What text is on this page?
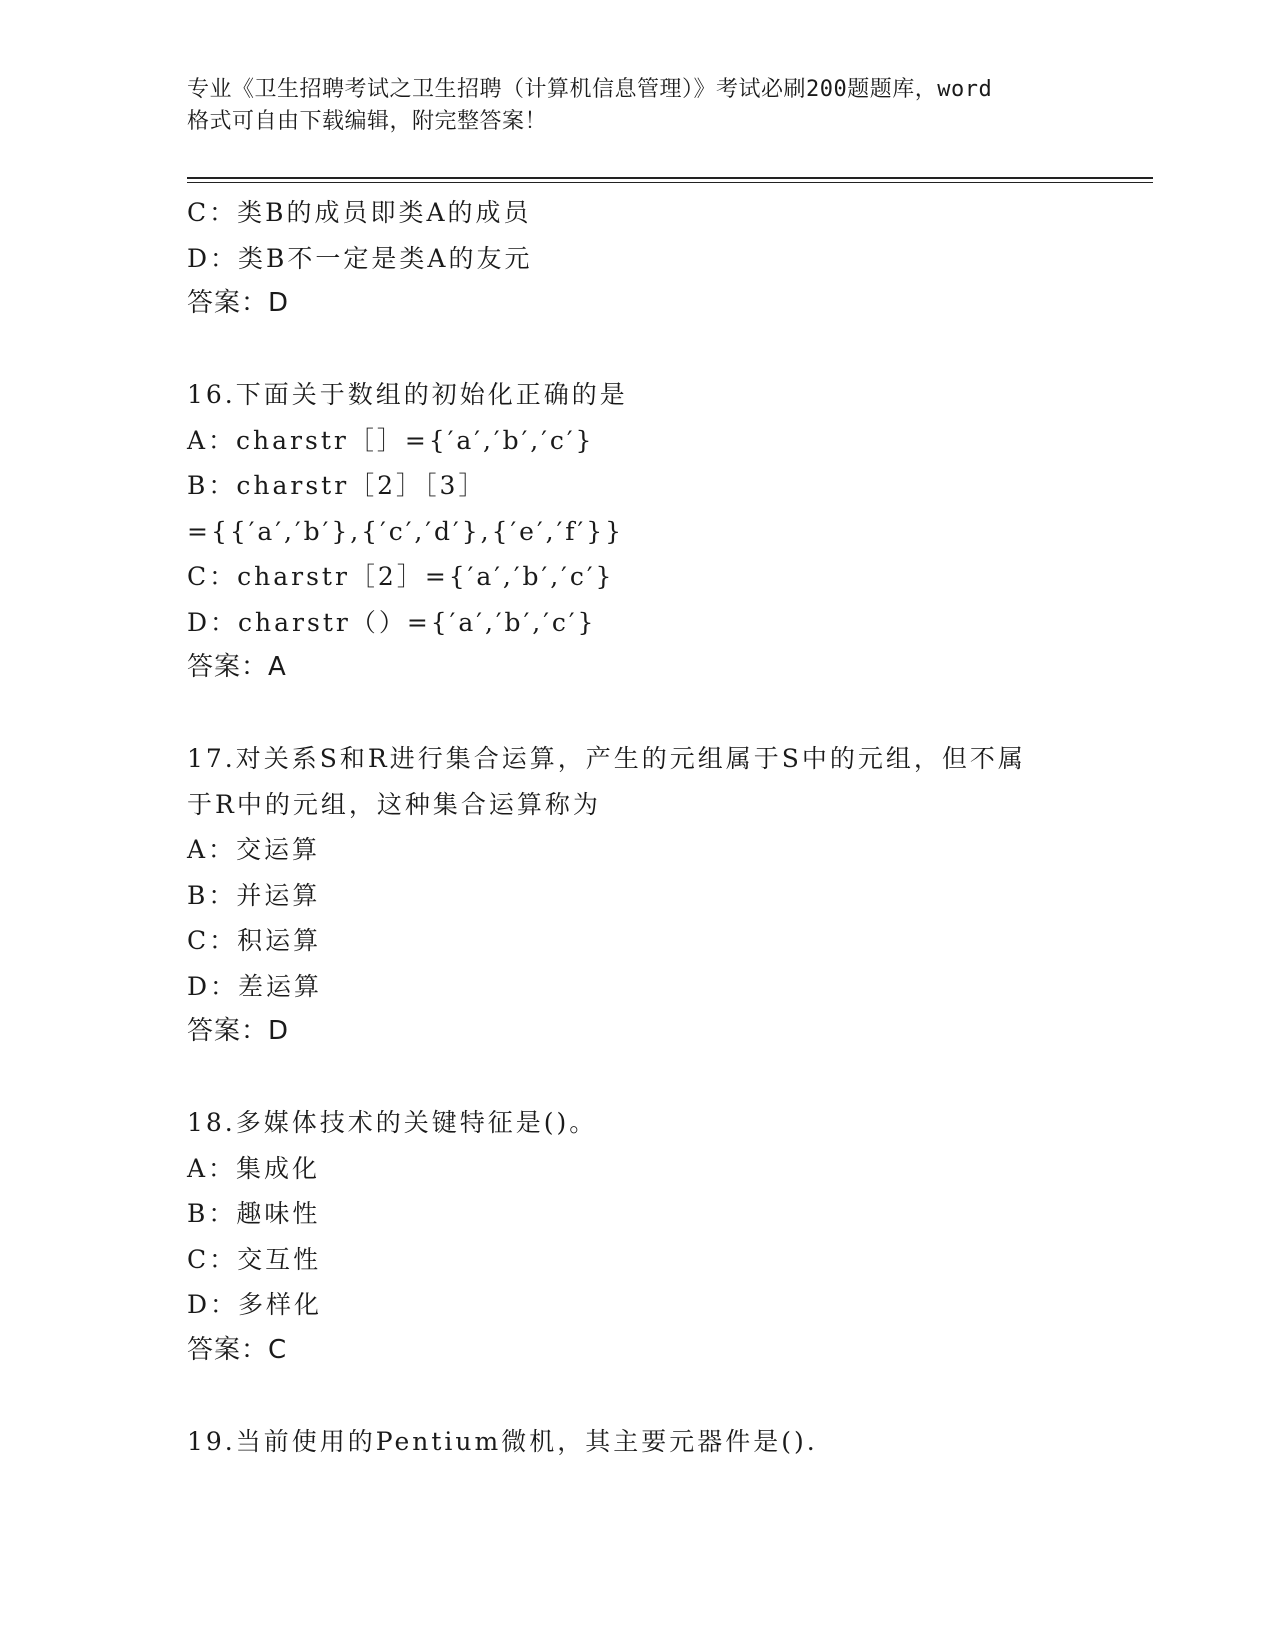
专业《卫生招聘考试之卫生招聘（计算机信息管理）》考试必刷200题题库，word
格式可自由下载编辑，附完整答案！
C：类B的成员即类A的成员
D：类B不一定是类A的友元
答案：D
16.下面关于数组的初始化正确的是
A：charstr［］={′a′,′b′,′c′}
B：charstr［2］［3］
={{′a′,′b′},{′c′,′d′},{′e′,′f′}}
C：charstr［2］={′a′,′b′,′c′}
D：charstr（）={′a′,′b′,′c′}
答案：A
17.对关系S和R进行集合运算，产生的元组属于S中的元组，但不属
于R中的元组，这种集合运算称为
A：交运算
B：并运算
C：积运算
D：差运算
答案：D
18.多媒体技术的关键特征是()。
A：集成化
B：趣味性
C：交互性
D：多样化
答案：C
19.当前使用的Pentium微机，其主要元器件是().
